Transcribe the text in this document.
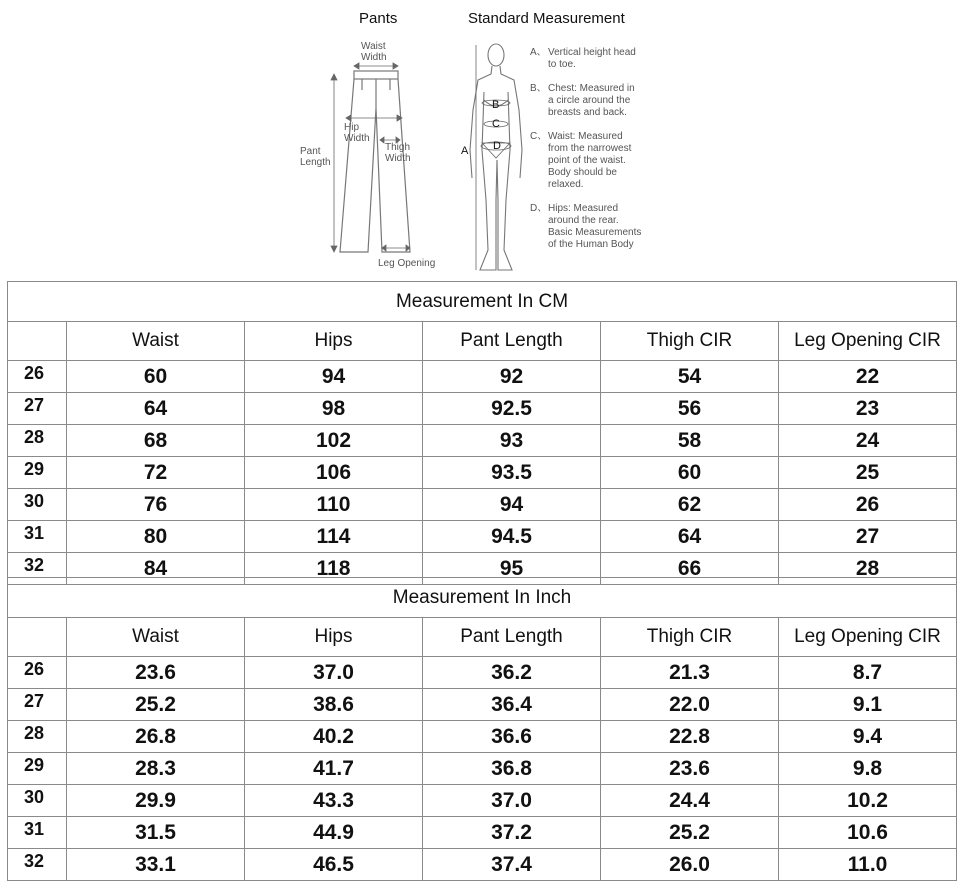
Pants	Standard Measurement
Waist
Width
Hip
Width
Pant
Length
Thigh
Width
Leg Opening
A
B
C
D
A、 Vertical height head
to toe.
B、 Chest: Measured in
a circle around the
breasts and back.
C、 Waist: Measured
from the narrowest
point of the waist.
Body should be
relaxed.
D、 Hips: Measured
around the rear.
Basic Measurements
of the Human Body
Measurement In CM					
	Waist	Hips	Pant Length	Thigh CIR	Leg Opening CIR
26	60	94	92	54	22
27	64	98	92.5	56	23
28	68	102	93	58	24
29	72	106	93.5	60	25
30	76	110	94	62	26
31	80	114	94.5	64	27
32	84	118	95	66	28
Measurement In Inch					
	Waist	Hips	Pant Length	Thigh CIR	Leg Opening CIR
26	23.6	37.0	36.2	21.3	8.7
27	25.2	38.6	36.4	22.0	9.1
28	26.8	40.2	36.6	22.8	9.4
29	28.3	41.7	36.8	23.6	9.8
30	29.9	43.3	37.0	24.4	10.2
31	31.5	44.9	37.2	25.2	10.6
32	33.1	46.5	37.4	26.0	11.0
